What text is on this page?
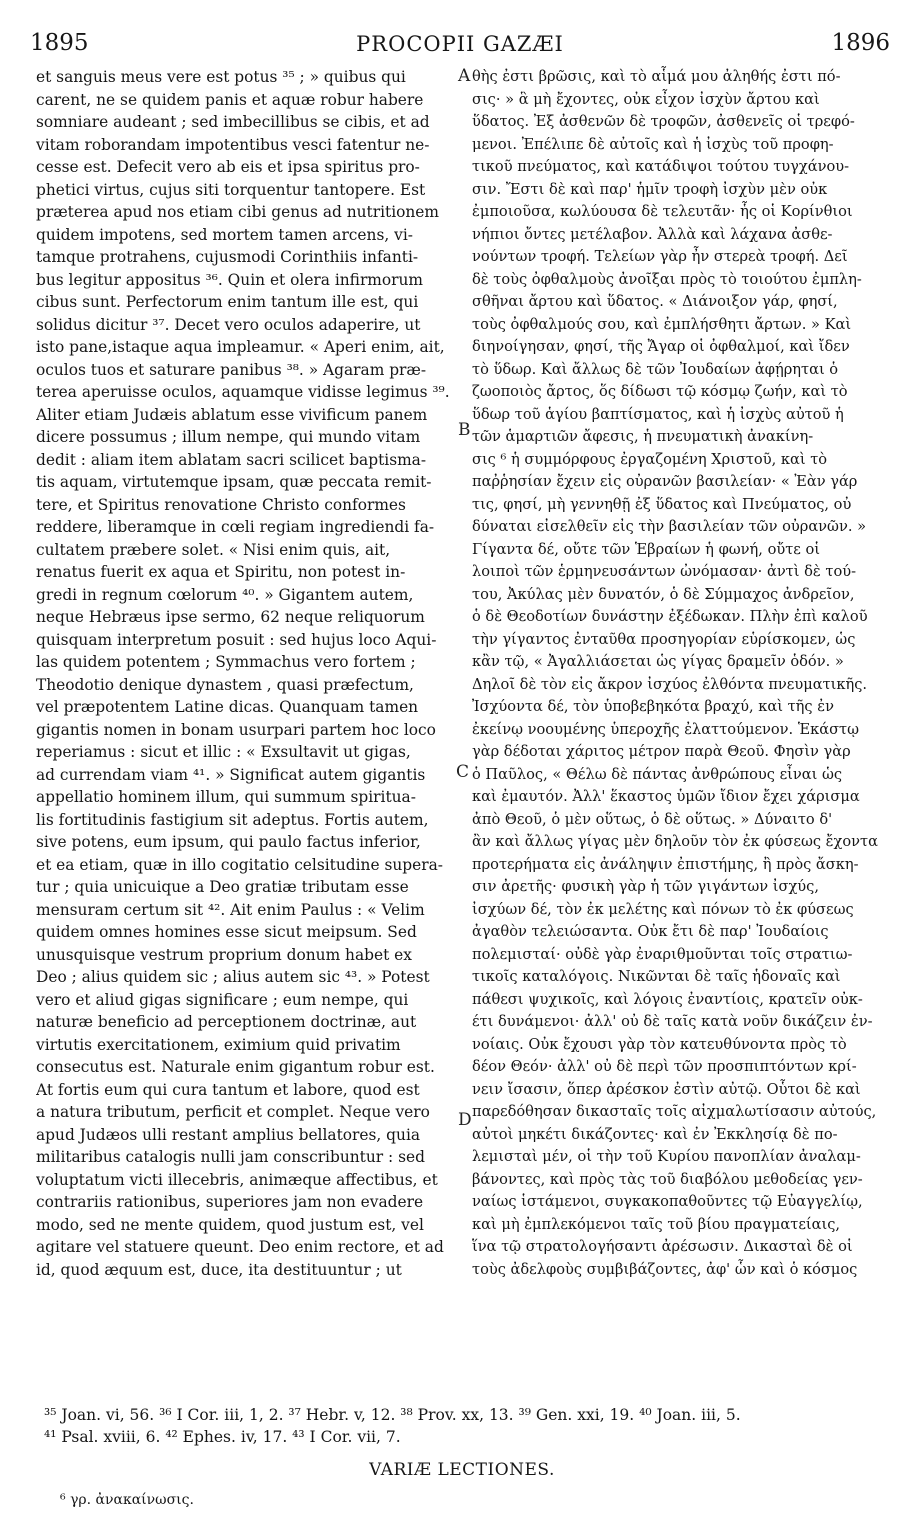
1895	PROCOPII GAZÆI	1896
et sanguis meus vere est potus ³⁵ ; » quibus qui
carent, ne se quidem panis et aquæ robur habere
somniare audeant ; sed imbecillibus se cibis, et ad
vitam roborandam impotentibus vesci fatentur ne-
cesse est. Defecit vero ab eis et ipsa spiritus pro-
phetici virtus, cujus siti torquentur tantopere. Est
præterea apud nos etiam cibi genus ad nutritionem
quidem impotens, sed mortem tamen arcens, vi-
tamque protrahens, cujusmodi Corinthiis infanti-
bus legitur appositus ³⁶. Quin et olera infirmorum
cibus sunt. Perfectorum enim tantum ille est, qui
solidus dicitur ³⁷. Decet vero oculos adaperire, ut
isto pane,istaque aqua impleamur. « Aperi enim, ait,
oculos tuos et saturare panibus ³⁸. » Agaram præ-
terea aperuisse oculos, aquamque vidisse legimus ³⁹.
Aliter etiam Judæis ablatum esse vivificum panem
dicere possumus ; illum nempe, qui mundo vitam
dedit : aliam item ablatam sacri scilicet baptisma-
tis aquam, virtutemque ipsam, quæ peccata remit-
tere, et Spiritus renovatione Christo conformes
reddere, liberamque in cœli regiam ingrediendi fa-
cultatem præbere solet. « Nisi enim quis, ait,
renatus fuerit ex aqua et Spiritu, non potest in-
gredi in regnum cœlorum ⁴⁰. » Gigantem autem,
neque Hebræus ipse sermo, 62 neque reliquorum
quisquam interpretum posuit : sed hujus loco Aqui-
las quidem potentem ; Symmachus vero fortem ;
Theodotio denique dynastem , quasi præfectum,
vel præpotentem Latine dicas. Quanquam tamen
gigantis nomen in bonam usurpari partem hoc loco
reperiamus : sicut et illic : « Exsultavit ut gigas,
ad currendam viam ⁴¹. » Significat autem gigantis
appellatio hominem illum, qui summum spiritua-
lis fortitudinis fastigium sit adeptus. Fortis autem,
sive potens, eum ipsum, qui paulo factus inferior,
et ea etiam, quæ in illo cogitatio celsitudine supera-
tur ; quia unicuique a Deo gratiæ tributam esse
mensuram certum sit ⁴². Ait enim Paulus : « Velim
quidem omnes homines esse sicut meipsum. Sed
unusquisque vestrum proprium donum habet ex
Deo ; alius quidem sic ; alius autem sic ⁴³. » Potest
vero et aliud gigas significare ; eum nempe, qui
naturæ beneficio ad perceptionem doctrinæ, aut
virtutis exercitationem, eximium quid privatim
consecutus est. Naturale enim gigantum robur est.
At fortis eum qui cura tantum et labore, quod est
a natura tributum, perficit et complet. Neque vero
apud Judæos ulli restant amplius bellatores, quia
militaribus catalogis nulli jam conscribuntur : sed
voluptatum victi illecebris, animæque affectibus, et
contrariis rationibus, superiores jam non evadere
modo, sed ne mente quidem, quod justum est, vel
agitare vel statuere queunt. Deo enim rectore, et ad
id, quod æquum est, duce, ita destituuntur ; ut
θὴς ἐστι βρῶσις, καὶ τὸ αἷμά μου ἀληθής ἐστι πό-
σις· » ἃ μὴ ἔχοντες, οὐκ εἶχον ἰσχὺν ἄρτου καὶ
ὕδατος. Ἐξ ἀσθενῶν δὲ τροφῶν, ἀσθενεῖς οἱ τρεφό-
μενοι. Ἐπέλιπε δὲ αὐτοῖς καὶ ἡ ἰσχὺς τοῦ προφη-
τικοῦ πνεύματος, καὶ κατάδιψοι τούτου τυγχάνου-
σιν. Ἔστι δὲ καὶ παρ' ἡμῖν τροφὴ ἰσχὺν μὲν οὐκ
ἐμποιοῦσα, κωλύουσα δὲ τελευτᾶν· ἧς οἱ Κορίνθιοι
νήπιοι ὄντες μετέλαβον. Ἀλλὰ καὶ λάχανα ἀσθε-
νούντων τροφή. Τελείων γὰρ ἦν στερεὰ τροφή. Δεῖ
δὲ τοὺς ὀφθαλμοὺς ἀνοῖξαι πρὸς τὸ τοιούτου ἐμπλη-
σθῆναι ἄρτου καὶ ὕδατος. « Διάνοιξον γάρ, φησί,
τοὺς ὀφθαλμούς σου, καὶ ἐμπλήσθητι ἄρτων. » Καὶ
διηνοίγησαν, φησί, τῆς Ἄγαρ οἱ ὀφθαλμοί, καὶ ἴδεν
τὸ ὕδωρ. Καὶ ἄλλως δὲ τῶν Ἰουδαίων ἀφῄρηται ὁ
ζωοποιὸς ἄρτος, ὅς δίδωσι τῷ κόσμῳ ζωήν, καὶ τὸ
ὕδωρ τοῦ ἁγίου βαπτίσματος, καὶ ἡ ἰσχὺς αὐτοῦ ἡ
τῶν ἁμαρτιῶν ἄφεσις, ἡ πνευματικὴ ἀνακίνη-
σις ⁶ ἡ συμμόρφους ἐργαζομένη Χριστοῦ, καὶ τὸ
παῤῥησίαν ἔχειν εἰς οὐρανῶν βασιλείαν· « Ἐὰν γάρ
τις, φησί, μὴ γεννηθῇ ἐξ ὕδατος καὶ Πνεύματος, οὐ
δύναται εἰσελθεῖν εἰς τὴν βασιλείαν τῶν οὐρανῶν. »
Γίγαντα δέ, οὔτε τῶν Ἑβραίων ἡ φωνή, οὔτε οἱ
λοιποὶ τῶν ἑρμηνευσάντων ὠνόμασαν· ἀντὶ δὲ τού-
του, Ἀκύλας μὲν δυνατόν, ὁ δὲ Σύμμαχος ἀνδρεῖον,
ὁ δὲ Θεοδοτίων δυνάστην ἐξέδωκαν. Πλὴν ἐπὶ καλοῦ
τὴν γίγαντος ἐνταῦθα προσηγορίαν εὑρίσκομεν, ὡς
κἂν τῷ, « Ἀγαλλιάσεται ὡς γίγας δραμεῖν ὁδόν. »
Δηλοῖ δὲ τὸν εἰς ἄκρον ἰσχύος ἐλθόντα πνευματικῆς.
Ἰσχύοντα δέ, τὸν ὑποβεβηκότα βραχύ, καὶ τῆς ἐν
ἐκείνῳ νοουμένης ὑπεροχῆς ἐλαττούμενον. Ἑκάστῳ
γὰρ δέδοται χάριτος μέτρον παρὰ Θεοῦ. Φησὶν γὰρ
ὁ Παῦλος, « Θέλω δὲ πάντας ἀνθρώπους εἶναι ὡς
καὶ ἐμαυτόν. Ἀλλ' ἕκαστος ὑμῶν ἴδιον ἔχει χάρισμα
ἀπὸ Θεοῦ, ὁ μὲν οὕτως, ὁ δὲ οὕτως. » Δύναιτο δ'
ἂν καὶ ἄλλως γίγας μὲν δηλοῦν τὸν ἐκ φύσεως ἔχοντα
προτερήματα εἰς ἀνάληψιν ἐπιστήμης, ἢ πρὸς ἄσκη-
σιν ἀρετῆς· φυσικὴ γὰρ ἡ τῶν γιγάντων ἰσχύς,
ἰσχύων δέ, τὸν ἐκ μελέτης καὶ πόνων τὸ ἐκ φύσεως
ἀγαθὸν τελειώσαντα. Οὐκ ἔτι δὲ παρ' Ἰουδαίοις
πολεμισταί· οὐδὲ γὰρ ἐναριθμοῦνται τοῖς στρατιω-
τικοῖς καταλόγοις. Νικῶνται δὲ ταῖς ἡδοναῖς καὶ
πάθεσι ψυχικοῖς, καὶ λόγοις ἐναντίοις, κρατεῖν οὐκ-
έτι δυνάμενοι· ἀλλ' οὐ δὲ ταῖς κατὰ νοῦν δικάζειν ἐν-
νοίαις. Οὐκ ἔχουσι γὰρ τὸν κατευθύνοντα πρὸς τὸ
δέον Θεόν· ἀλλ' οὐ δὲ περὶ τῶν προσπιπτόντων κρί-
νειν ἴσασιν, ὅπερ ἀρέσκον ἐστὶν αὐτῷ. Οὗτοι δὲ καὶ
παρεδόθησαν δικασταῖς τοῖς αἰχμαλωτίσασιν αὐτούς,
αὐτοὶ μηκέτι δικάζοντες· καὶ ἐν Ἐκκλησίᾳ δὲ πο-
λεμισταὶ μέν, οἱ τὴν τοῦ Κυρίου πανοπλίαν ἀναλαμ-
βάνοντες, καὶ πρὸς τὰς τοῦ διαβόλου μεθοδείας γεν-
ναίως ἱστάμενοι, συγκακοπαθοῦντες τῷ Εὐαγγελίῳ,
καὶ μὴ ἐμπλεκόμενοι ταῖς τοῦ βίου πραγματείαις,
ἵνα τῷ στρατολογήσαντι ἀρέσωσιν. Δικασταὶ δὲ οἱ
τοὺς ἀδελφοὺς συμβιβάζοντες, ἀφ' ὧν καὶ ὁ κόσμος
A
B
C
D
³⁵ Joan. vi, 56. ³⁶ I Cor. iii, 1, 2. ³⁷ Hebr. v, 12. ³⁸ Prov. xx, 13. ³⁹ Gen. xxi, 19. ⁴⁰ Joan. iii, 5.
⁴¹ Psal. xviii, 6. ⁴² Ephes. iv, 17. ⁴³ I Cor. vii, 7.
VARIÆ LECTIONES.
⁶ γρ. ἀνακαίνωσις.
